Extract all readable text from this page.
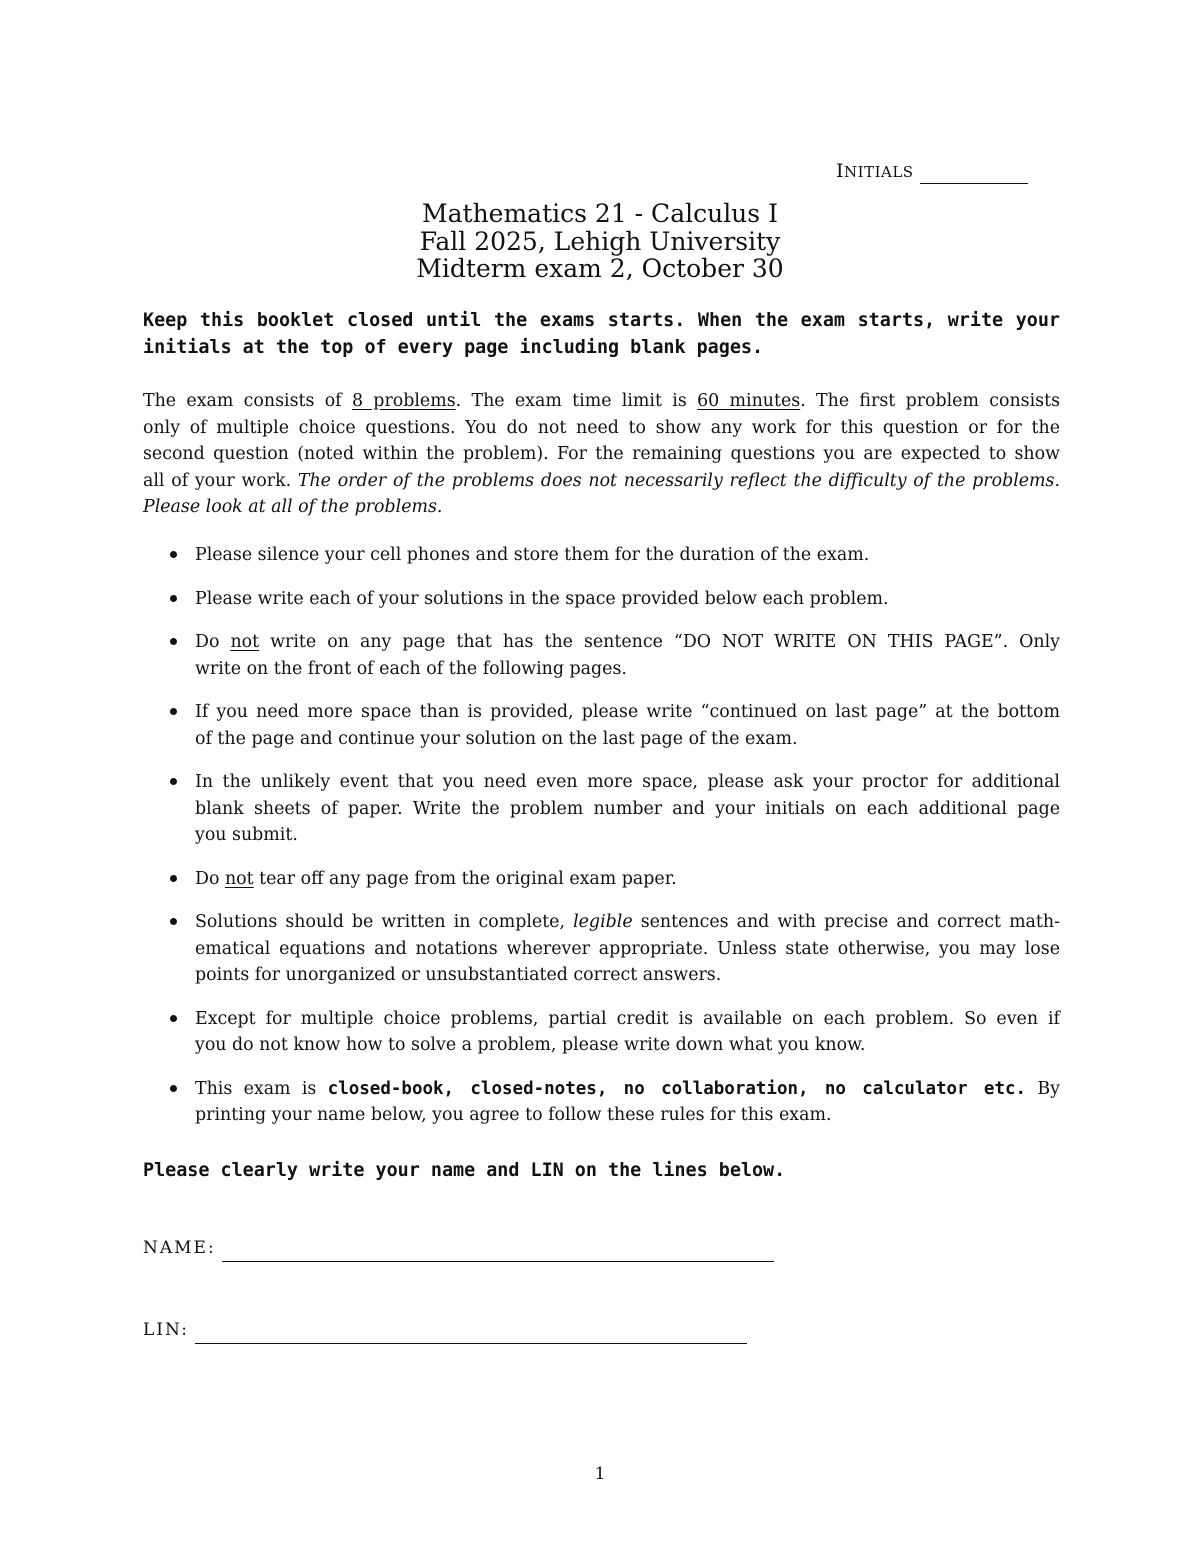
INITIALS
Mathematics 21 - Calculus I
Fall 2025, Lehigh University
Midterm exam 2, October 30
Keep this booklet closed until the exams starts. When the exam starts, write your
initials at the top of every page including blank pages.
The exam consists of 8 problems. The exam time limit is 60 minutes. The first problem consists
only of multiple choice questions. You do not need to show any work for this question or for the
second question (noted within the problem). For the remaining questions you are expected to show
all of your work. The order of the problems does not necessarily reflect the difficulty of the problems.
Please look at all of the problems.
Please silence your cell phones and store them for the duration of the exam.
Please write each of your solutions in the space provided below each problem.
Do not write on any page that has the sentence “DO NOT WRITE ON THIS PAGE”. Only
write on the front of each of the following pages.
If you need more space than is provided, please write “continued on last page” at the bottom
of the page and continue your solution on the last page of the exam.
In the unlikely event that you need even more space, please ask your proctor for additional
blank sheets of paper. Write the problem number and your initials on each additional page
you submit.
Do not tear off any page from the original exam paper.
Solutions should be written in complete, legible sentences and with precise and correct math-
ematical equations and notations wherever appropriate. Unless state otherwise, you may lose
points for unorganized or unsubstantiated correct answers.
Except for multiple choice problems, partial credit is available on each problem. So even if
you do not know how to solve a problem, please write down what you know.
This exam is closed-book, closed-notes, no collaboration, no calculator etc. By
printing your name below, you agree to follow these rules for this exam.
Please clearly write your name and LIN on the lines below.
NAME:
LIN:
1
